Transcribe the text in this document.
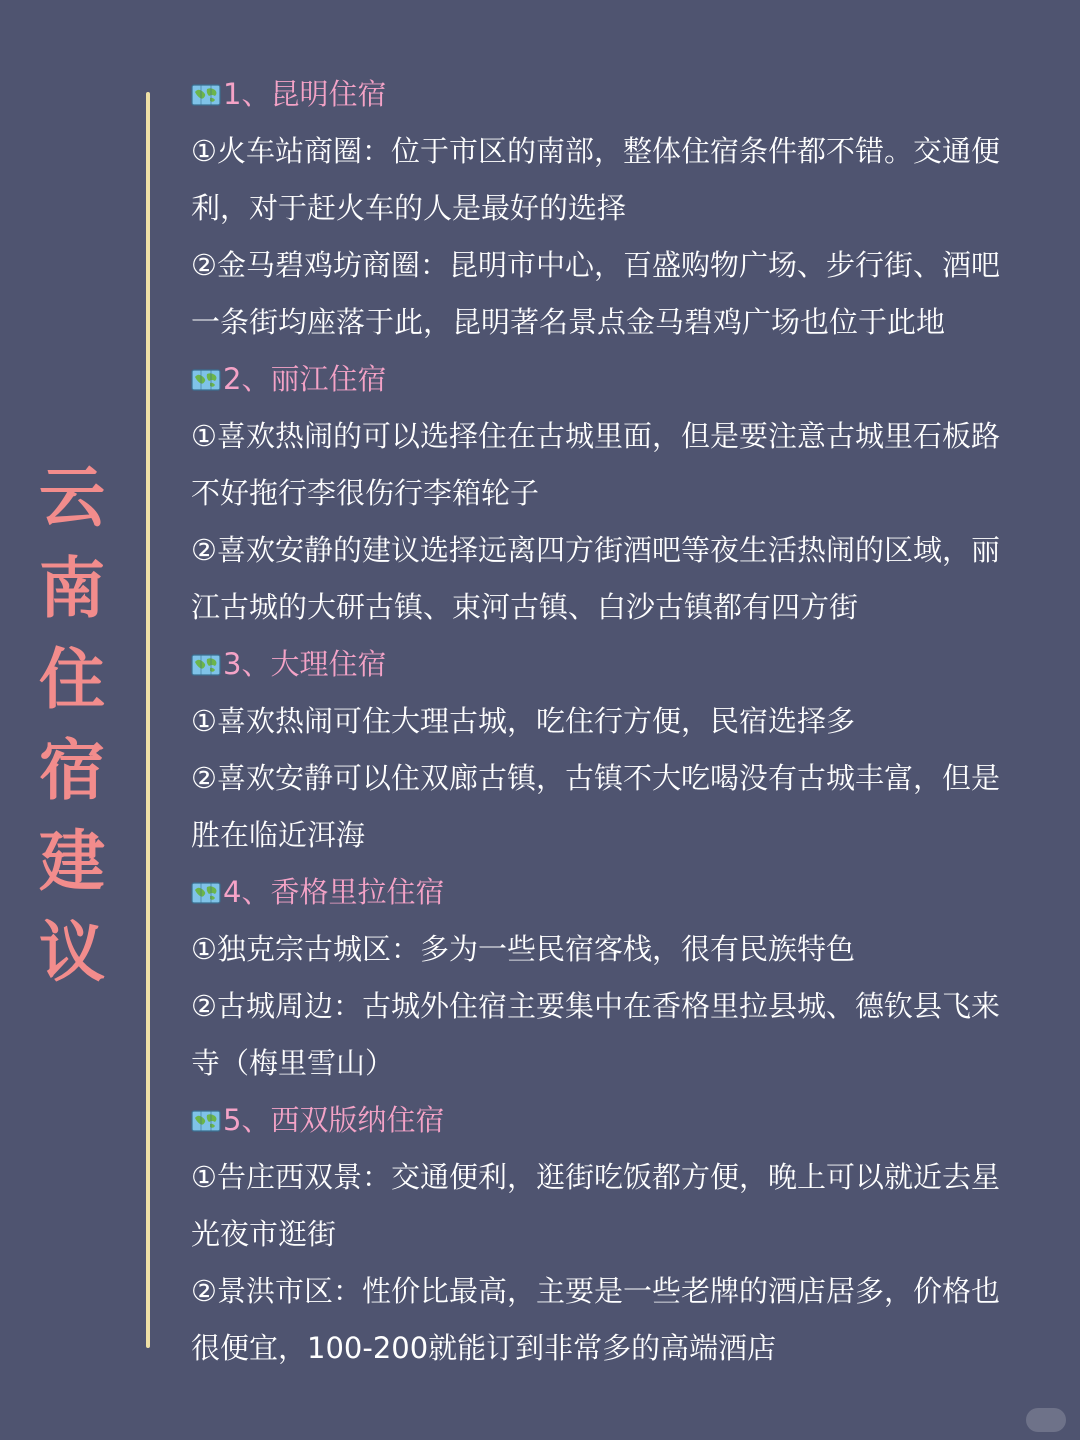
云
南
住
宿
建
议
1、昆明住宿

①火车站商圈：位于市区的南部，整体住宿条件都不错。交通便利，对于赶火车的人是最好的选择

②金马碧鸡坊商圈：昆明市中心，百盛购物广场、步行街、酒吧一条街均座落于此，昆明著名景点金马碧鸡广场也位于此地

2、丽江住宿

①喜欢热闹的可以选择住在古城里面，但是要注意古城里石板路不好拖行李很伤行李箱轮子

②喜欢安静的建议选择远离四方街酒吧等夜生活热闹的区域，丽江古城的大研古镇、束河古镇、白沙古镇都有四方街

3、大理住宿

①喜欢热闹可住大理古城，吃住行方便，民宿选择多

②喜欢安静可以住双廊古镇，古镇不大吃喝没有古城丰富，但是胜在临近洱海

4、香格里拉住宿

①独克宗古城区：多为一些民宿客栈，很有民族特色

②古城周边：古城外住宿主要集中在香格里拉县城、德钦县飞来寺（梅里雪山）

5、西双版纳住宿

①告庄西双景：交通便利，逛街吃饭都方便，晚上可以就近去星光夜市逛街

②景洪市区：性价比最高，主要是一些老牌的酒店居多，价格也很便宜，100-200就能订到非常多的高端酒店
